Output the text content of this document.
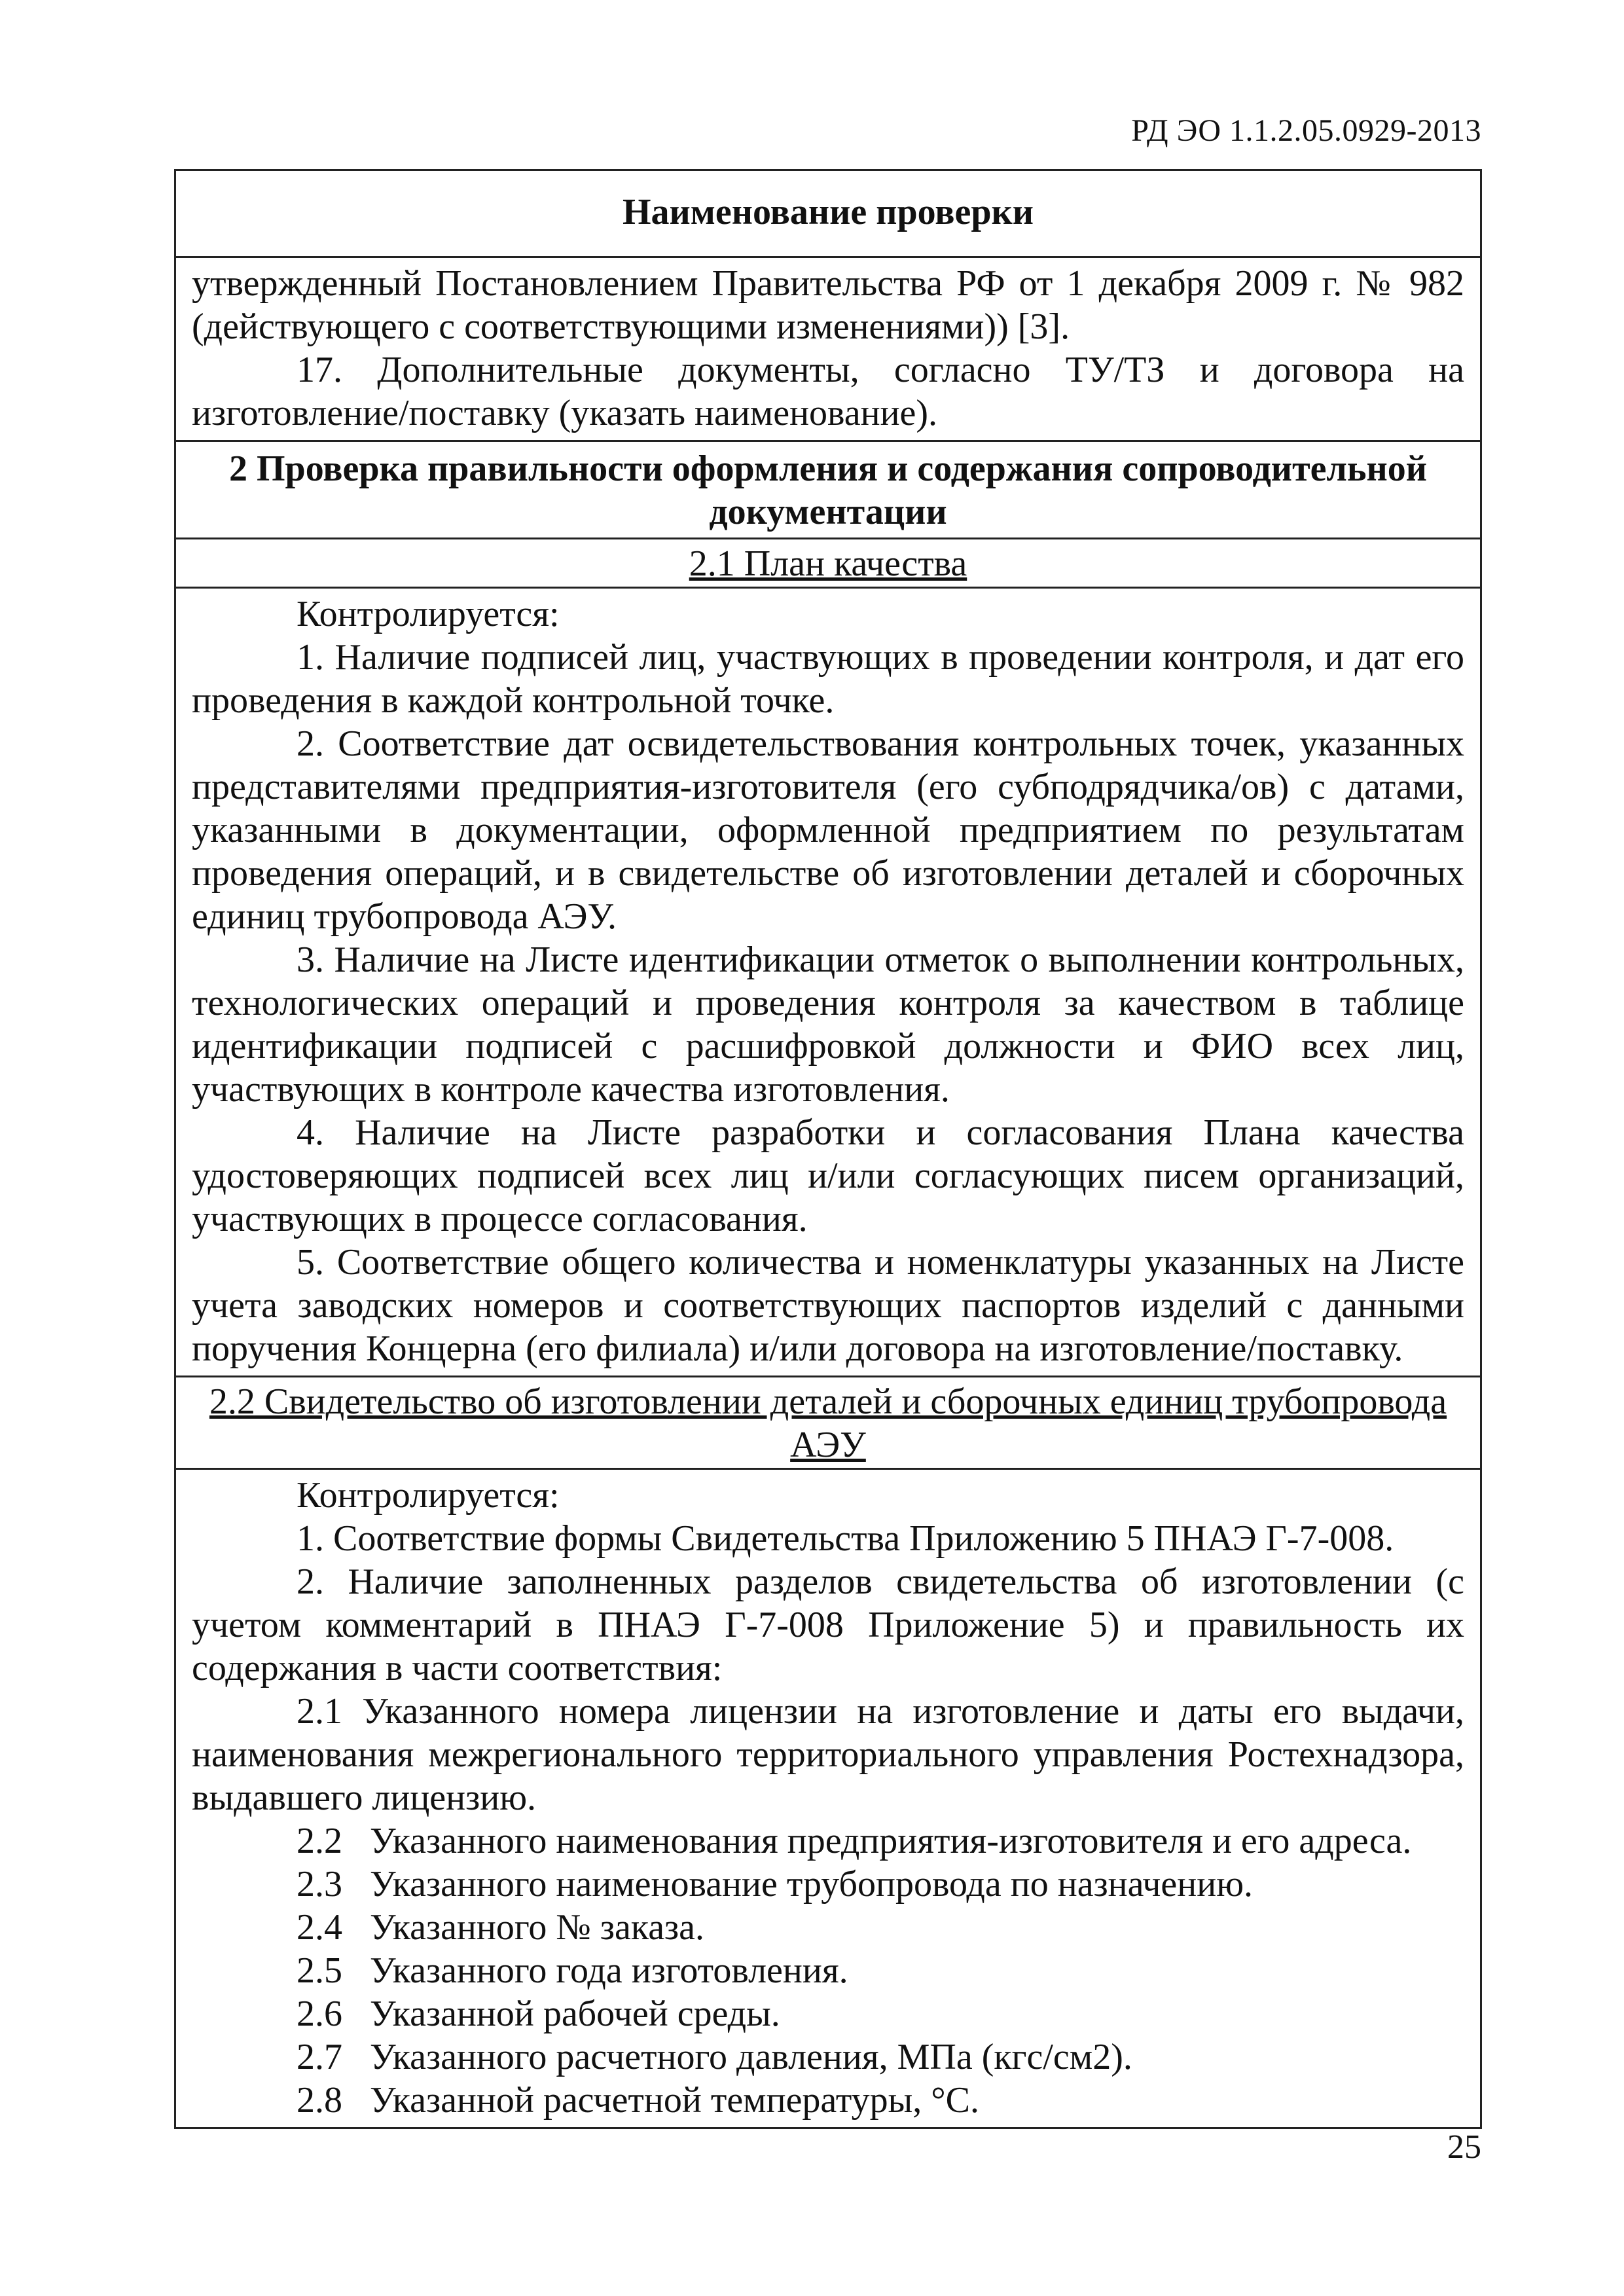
РД ЭО 1.1.2.05.0929-2013
Наименование проверки

утвержденный Постановлением Правительства РФ от 1 декабря 2009 г. № 982

(действующего с соответствующими изменениями)) [3].

17. Дополнительные документы, согласно ТУ/ТЗ и договора на изготовление/поставку (указать наименование).

2 Проверка правильности оформления и содержания сопроводительной документации
2.1 План качества

Контролируется:

1. Наличие подписей лиц, участвующих в проведении контроля, и дат его проведения в каждой контрольной точке.

2. Соответствие дат освидетельствования контрольных точек, указанных представителями предприятия-изготовителя (его субподрядчика/ов) с датами, указанными в документации, оформленной предприятием по результатам проведения операций, и в свидетельстве об изготовлении деталей и сборочных единиц трубопровода АЭУ.

3. Наличие на Листе идентификации отметок о выполнении контрольных, технологических операций и проведения контроля за качеством в таблице идентификации подписей с расшифровкой должности и ФИО всех лиц, участвующих в контроле качества изготовления.

4. Наличие на Листе разработки и согласования Плана качества удостоверяющих подписей всех лиц и/или согласующих писем организаций, участвующих в процессе согласования.

5. Соответствие общего количества и номенклатуры указанных на Листе учета заводских номеров и соответствующих паспортов изделий с данными поручения Концерна (его филиала) и/или договора на изготовление/поставку.

2.2 Свидетельство об изготовлении деталей и сборочных единиц трубопровода АЭУ

Контролируется:

1. Соответствие формы Свидетельства Приложению 5 ПНАЭ Г-7-008.

2. Наличие заполненных разделов свидетельства об изготовлении (с учетом комментарий в ПНАЭ Г-7-008 Приложение 5) и правильность их содержания в части соответствия:

2.1 Указанного номера лицензии на изготовление и даты его выдачи, наименования межрегионального территориального управления Ростехнадзора, выдавшего лицензию.

2.2 Указанного наименования предприятия-изготовителя и его адреса.
2.3 Указанного наименование трубопровода по назначению.
2.4 Указанного № заказа.
2.5 Указанного года изготовления.
2.6 Указанной рабочей среды.
2.7 Указанного расчетного давления, МПа (кгс/см2).
2.8 Указанной расчетной температуры, °С.
25
